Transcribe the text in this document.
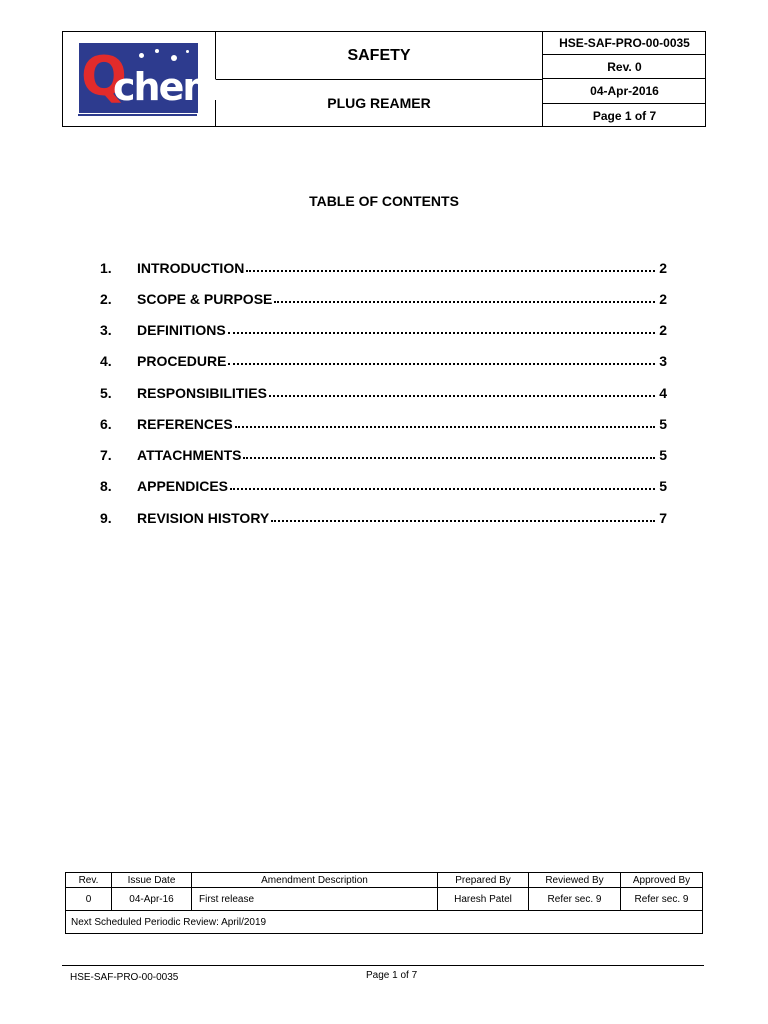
Q
chem
SAFETY
PLUG REAMER
HSE-SAF-PRO-00-0035
Rev. 0
04-Apr-2016
Page 1 of 7
TABLE OF CONTENTS
1.	INTRODUCTION	2
2.	SCOPE & PURPOSE	2
3.	DEFINITIONS	2
4.	PROCEDURE	3
5.	RESPONSIBILITIES	4
6.	REFERENCES	5
7.	ATTACHMENTS	5
8.	APPENDICES	5
9.	REVISION HISTORY	7
Rev.	Issue Date	Amendment Description	Prepared By	Reviewed By	Approved By
0	04-Apr-16	First release	Haresh Patel	Refer sec. 9	Refer sec. 9
Next Scheduled Periodic Review: April/2019					
HSE-SAF-PRO-00-0035	Page 1 of 7
